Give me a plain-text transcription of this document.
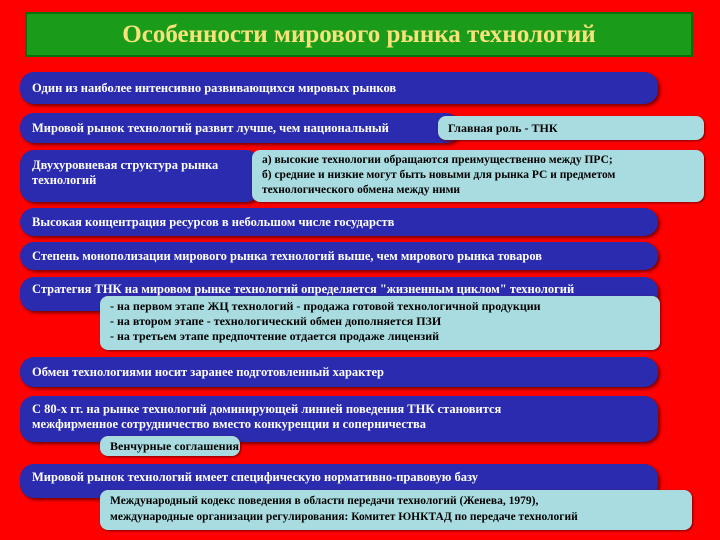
Особенности мирового рынка технологий
Один из наиболее интенсивно развивающихся мировых рынков
Мировой рынок технологий развит лучше, чем национальный	Главная роль - ТНК
Двухуровневая структура рынка
технологий
а) высокие технологии обращаются преимущественно между ПРС;
б) средние и низкие могут быть новыми для рынка РС и предметом
технологического обмена между ними
Высокая концентрация ресурсов в небольшом числе государств
Степень монополизации мирового рынка технологий выше, чем мирового рынка товаров
Стратегия ТНК на мировом рынке технологий определяется "жизненным циклом" технологий
- на первом этапе ЖЦ технологий - продажа готовой технологичной продукции
- на втором этапе - технологический обмен дополняется ПЗИ
- на третьем этапе предпочтение отдается продаже лицензий
Обмен технологиями носит заранее подготовленный характер
С 80-х гг. на рынке технологий доминирующей линией поведения ТНК становится
межфирменное сотрудничество вместо конкуренции и соперничества
Венчурные соглашения
Мировой рынок технологий имеет специфическую нормативно-правовую базу
Международный кодекс поведения в области передачи технологий (Женева, 1979),
международные организации регулирования: Комитет ЮНКТАД по передаче технологий
